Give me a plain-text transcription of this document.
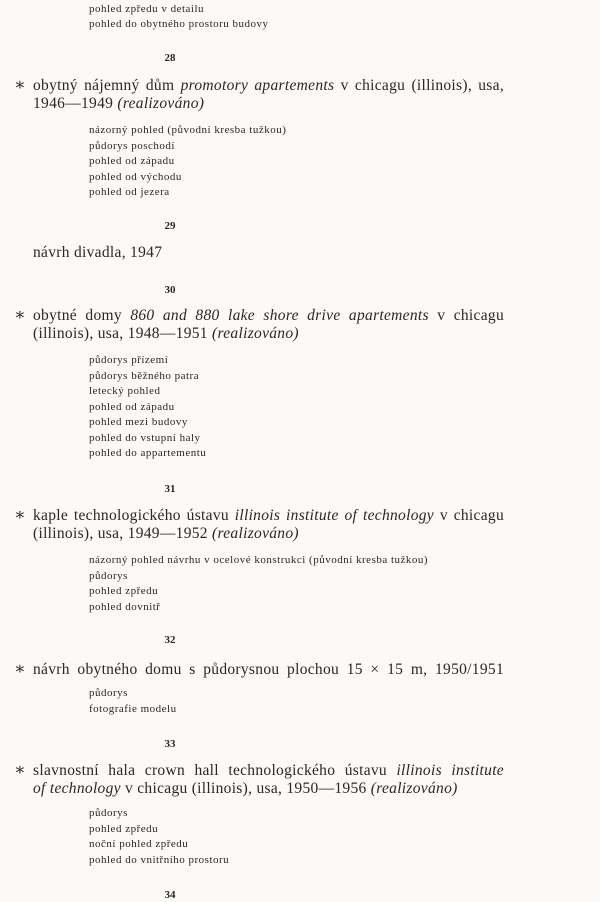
pohled zpředu v detailu
pohled do obytného prostoru budovy
28
∗ obytný nájemný dům promotory apartements v chicagu (illinois), usa,
1946—1949 (realizováno)
názorný pohled (původní kresba tužkou)
půdorys poschodí
pohled od západu
pohled od východu
pohled od jezera
29
návrh divadla, 1947
30
∗ obytné domy 860 and 880 lake shore drive apartements v chicagu
(illinois), usa, 1948—1951 (realizováno)
půdorys přízemí
půdorys běžného patra
letecký pohled
pohled od západu
pohled mezi budovy
pohled do vstupní haly
pohled do appartementu
31
∗ kaple technologického ústavu illinois institute of technology v chicagu
(illinois), usa, 1949—1952 (realizováno)
názorný pohled návrhu v ocelové konstrukci (původní kresba tužkou)
půdorys
pohled zpředu
pohled dovnitř
32
∗ návrh obytného domu s půdorysnou plochou 15 × 15 m, 1950/1951
půdorys
fotografie modelu
33
∗ slavnostní hala crown hall technologického ústavu illinois institute
of technology v chicagu (illinois), usa, 1950—1956 (realizováno)
půdorys
pohled zpředu
noční pohled zpředu
pohled do vnitřního prostoru
34
